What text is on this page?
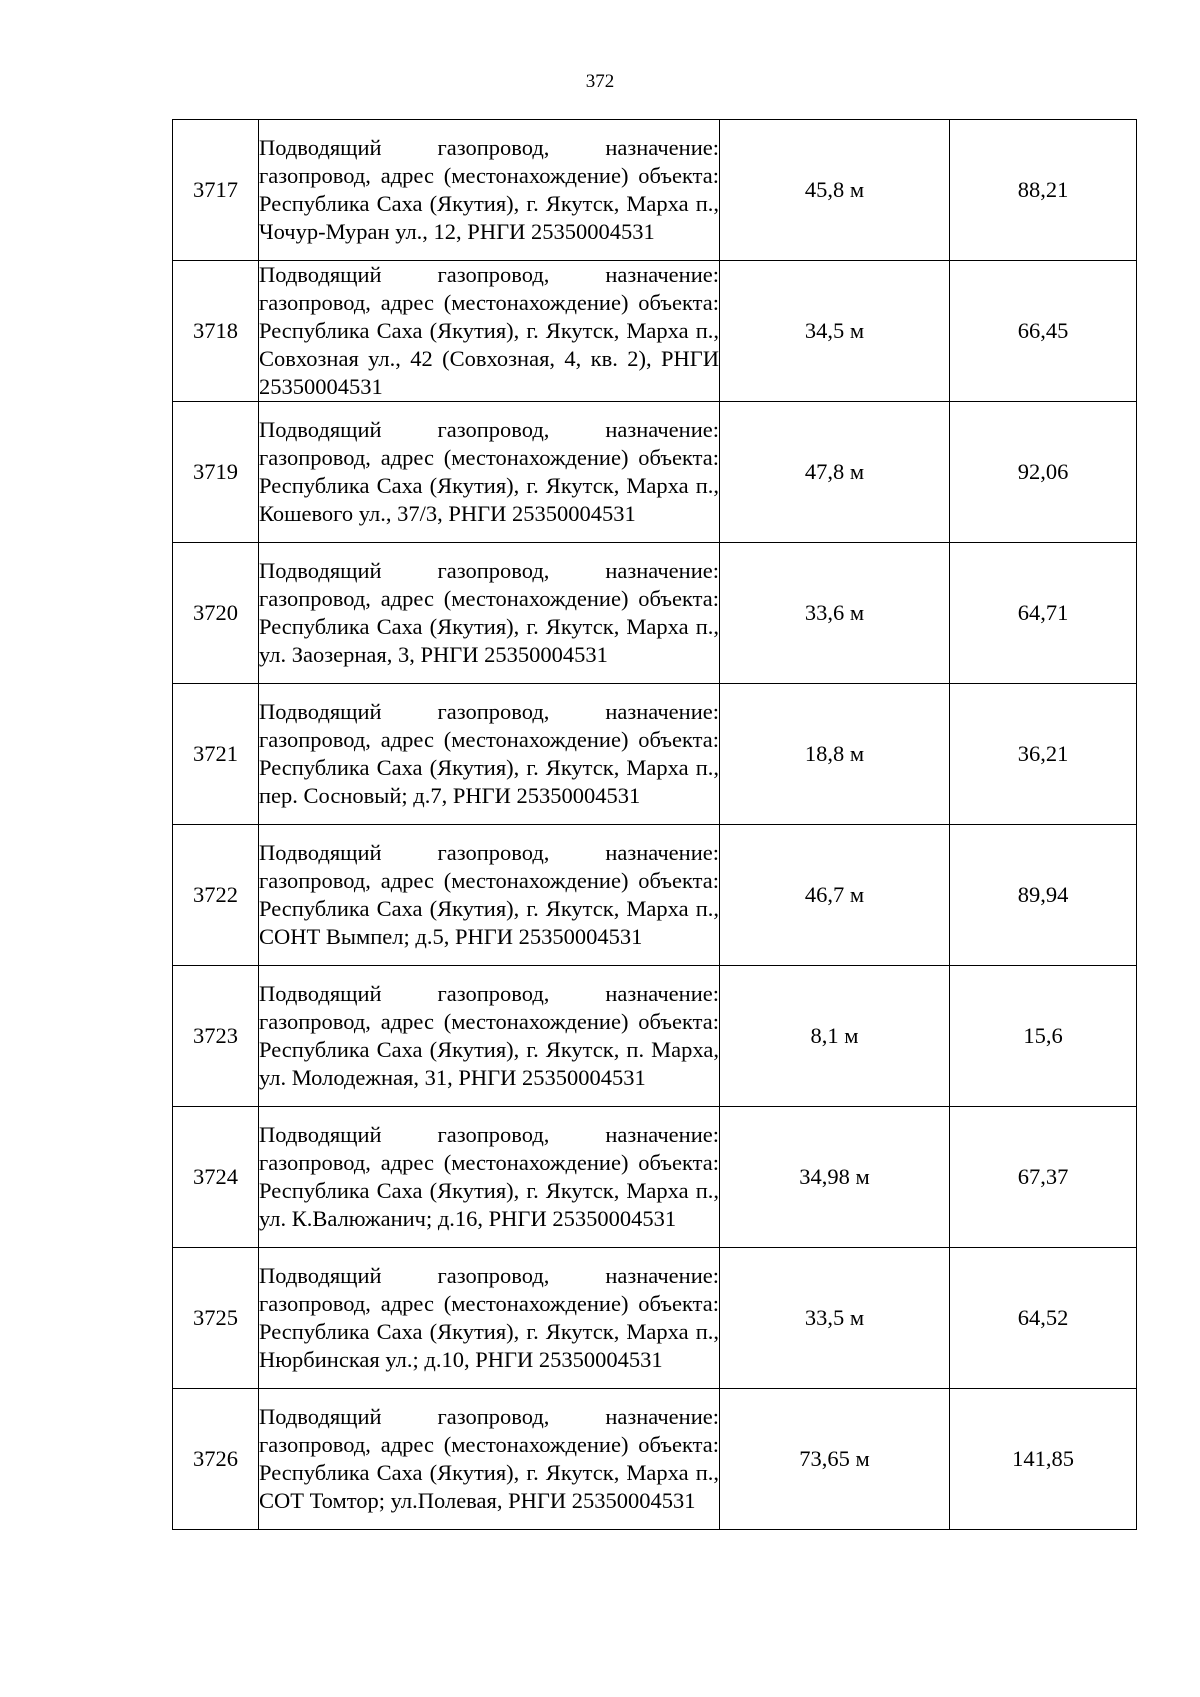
372
3717	Подводящий газопровод, назначение: газопровод, адрес (местонахождение) объекта: Республика Саха (Якутия), г. Якутск, Марха п., Чочур-Муран ул., 12, РНГИ 25350004531	45,8 м	88,21
3718	Подводящий газопровод, назначение: газопровод, адрес (местонахождение) объекта: Республика Саха (Якутия), г. Якутск, Марха п., Совхозная ул., 42 (Совхозная, 4, кв. 2), РНГИ 25350004531	34,5 м	66,45
3719	Подводящий газопровод, назначение: газопровод, адрес (местонахождение) объекта: Республика Саха (Якутия), г. Якутск, Марха п., Кошевого ул., 37/3, РНГИ 25350004531	47,8 м	92,06
3720	Подводящий газопровод, назначение: газопровод, адрес (местонахождение) объекта: Республика Саха (Якутия), г. Якутск, Марха п., ул. Заозерная, 3, РНГИ 25350004531	33,6 м	64,71
3721	Подводящий газопровод, назначение: газопровод, адрес (местонахождение) объекта: Республика Саха (Якутия), г. Якутск, Марха п., пер. Сосновый; д.7, РНГИ 25350004531	18,8 м	36,21
3722	Подводящий газопровод, назначение: газопровод, адрес (местонахождение) объекта: Республика Саха (Якутия), г. Якутск, Марха п., СОНТ Вымпел; д.5, РНГИ 25350004531	46,7 м	89,94
3723	Подводящий газопровод, назначение: газопровод, адрес (местонахождение) объекта: Республика Саха (Якутия), г. Якутск, п. Марха, ул. Молодежная, 31, РНГИ 25350004531	8,1 м	15,6
3724	Подводящий газопровод, назначение: газопровод, адрес (местонахождение) объекта: Республика Саха (Якутия), г. Якутск, Марха п., ул. К.Валюжанич; д.16, РНГИ 25350004531	34,98 м	67,37
3725	Подводящий газопровод, назначение: газопровод, адрес (местонахождение) объекта: Республика Саха (Якутия), г. Якутск, Марха п., Нюрбинская ул.; д.10, РНГИ 25350004531	33,5 м	64,52
3726	Подводящий газопровод, назначение: газопровод, адрес (местонахождение) объекта: Республика Саха (Якутия), г. Якутск, Марха п., СОТ Томтор; ул.Полевая, РНГИ 25350004531	73,65 м	141,85
